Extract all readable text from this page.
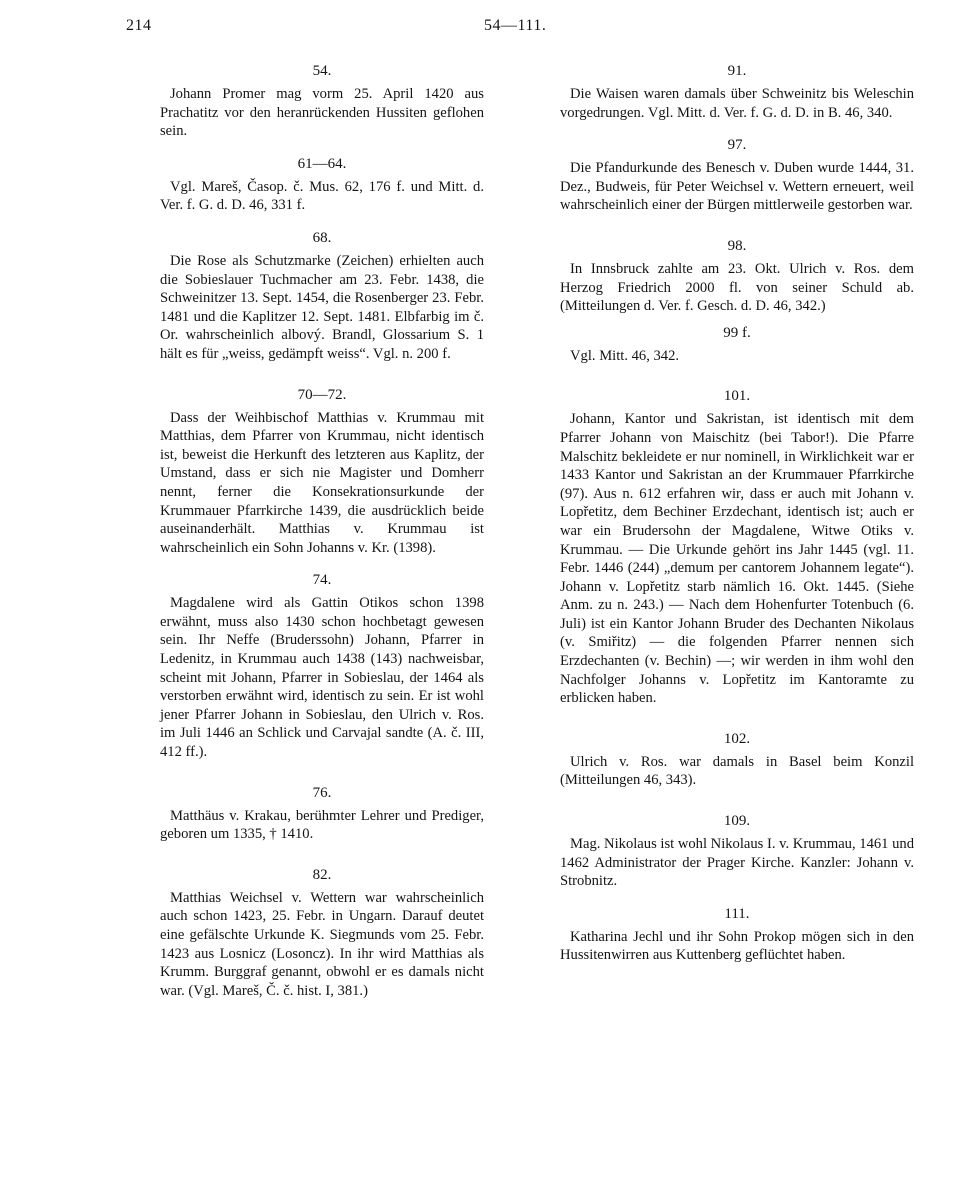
214	54—111.
54.

Johann Promer mag vorm 25. April 1420 aus Prachatitz vor den heranrückenden Hussiten geflohen sein.

61—64.

Vgl. Mareš, Časop. č. Mus. 62, 176 f. und Mitt. d. Ver. f. G. d. D. 46, 331 f.

68.

Die Rose als Schutzmarke (Zeichen) erhielten auch die Sobieslauer Tuchmacher am 23. Febr. 1438, die Schweinitzer 13. Sept. 1454, die Rosenberger 23. Febr. 1481 und die Kaplitzer 12. Sept. 1481. Elbfarbig im č. Or. wahrscheinlich albový. Brandl, Glossarium S. 1 hält es für „weiss, gedämpft weiss“. Vgl. n. 200 f.

70—72.

Dass der Weihbischof Matthias v. Krummau mit Matthias, dem Pfarrer von Krummau, nicht identisch ist, beweist die Herkunft des letzteren aus Kaplitz, der Umstand, dass er sich nie Magister und Domherr nennt, ferner die Konsekrationsurkunde der Krummauer Pfarrkirche 1439, die ausdrücklich beide auseinanderhält. Matthias v. Krummau ist wahrscheinlich ein Sohn Johanns v. Kr. (1398).

74.

Magdalene wird als Gattin Otikos schon 1398 erwähnt, muss also 1430 schon hochbetagt gewesen sein. Ihr Neffe (Bruderssohn) Johann, Pfarrer in Ledenitz, in Krummau auch 1438 (143) nachweisbar, scheint mit Johann, Pfarrer in Sobieslau, der 1464 als verstorben erwähnt wird, identisch zu sein. Er ist wohl jener Pfarrer Johann in Sobieslau, den Ulrich v. Ros. im Juli 1446 an Schlick und Carvajal sandte (A. č. III, 412 ff.).

76.

Matthäus v. Krakau, berühmter Lehrer und Prediger, geboren um 1335, † 1410.

82.

Matthias Weichsel v. Wettern war wahrscheinlich auch schon 1423, 25. Febr. in Ungarn. Darauf deutet eine gefälschte Urkunde K. Siegmunds vom 25. Febr. 1423 aus Losnicz (Losoncz). In ihr wird Matthias als Krumm. Burggraf genannt, obwohl er es damals nicht war. (Vgl. Mareš, Č. č. hist. I, 381.)

91.

Die Waisen waren damals über Schweinitz bis Weleschin vorgedrungen. Vgl. Mitt. d. Ver. f. G. d. D. in B. 46, 340.

97.

Die Pfandurkunde des Benesch v. Duben wurde 1444, 31. Dez., Budweis, für Peter Weichsel v. Wettern erneuert, weil wahrscheinlich einer der Bürgen mittlerweile gestorben war.

98.

In Innsbruck zahlte am 23. Okt. Ulrich v. Ros. dem Herzog Friedrich 2000 fl. von seiner Schuld ab. (Mitteilungen d. Ver. f. Gesch. d. D. 46, 342.)

99 f.

Vgl. Mitt. 46, 342.

101.

Johann, Kantor und Sakristan, ist identisch mit dem Pfarrer Johann von Maischitz (bei Tabor!). Die Pfarre Malschitz bekleidete er nur nominell, in Wirklichkeit war er 1433 Kantor und Sakristan an der Krummauer Pfarrkirche (97). Aus n. 612 erfahren wir, dass er auch mit Johann v. Lopřetitz, dem Bechiner Erzdechant, identisch ist; auch er war ein Brudersohn der Magdalene, Witwe Otiks v. Krummau. — Die Urkunde gehört ins Jahr 1445 (vgl. 11. Febr. 1446 (244) „demum per cantorem Johannem legate“). Johann v. Lopřetitz starb nämlich 16. Okt. 1445. (Siehe Anm. zu n. 243.) — Nach dem Hohenfurter Totenbuch (6. Juli) ist ein Kantor Johann Bruder des Dechanten Nikolaus (v. Smiřitz) — die folgenden Pfarrer nennen sich Erzdechanten (v. Bechin) —; wir werden in ihm wohl den Nachfolger Johanns v. Lopřetitz im Kantoramte zu erblicken haben.

102.

Ulrich v. Ros. war damals in Basel beim Konzil (Mitteilungen 46, 343).

109.

Mag. Nikolaus ist wohl Nikolaus I. v. Krummau, 1461 und 1462 Administrator der Prager Kirche. Kanzler: Johann v. Strobnitz.

111.

Katharina Jechl und ihr Sohn Prokop mögen sich in den Hussitenwirren aus Kuttenberg geflüchtet haben.
